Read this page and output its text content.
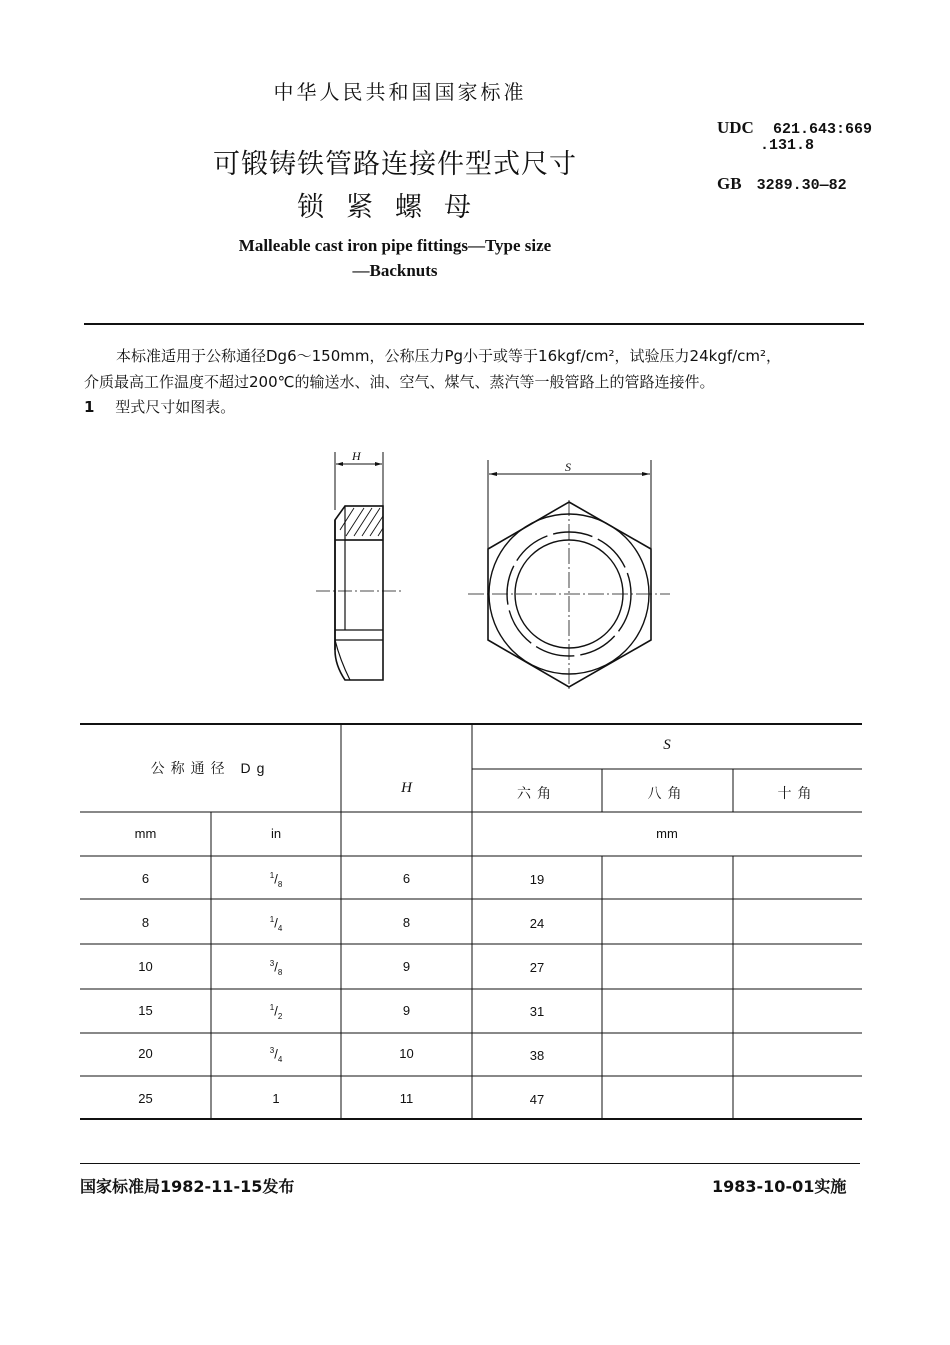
中华人民共和国国家标准
UDC 621.643:669
.131.8
GB 3289.30—82
可锻铸铁管路连接件型式尺寸
锁紧螺母
Malleable cast iron pipe fittings—Type size
—Backnuts
本标准适用于公称通径Dg6～150mm，公称压力Pg小于或等于16kgf/cm²，试验压力24kgf/cm²，
介质最高工作温度不超过200℃的输送水、油、空气、煤气、蒸汽等一般管路上的管路连接件。
1 型式尺寸如图表。
H
S
公称通径 Dg
H
S
六角	八角	十角
mm	in	mm
6	$^1/_8$	6	19
8	$^1/_4$	8	24
10	$^3/_8$	9	27
15	$^1/_2$	9	31
20	$^3/_4$	10	38
25	1	11	47
国家标准局1982-11-15发布	1983-10-01实施
